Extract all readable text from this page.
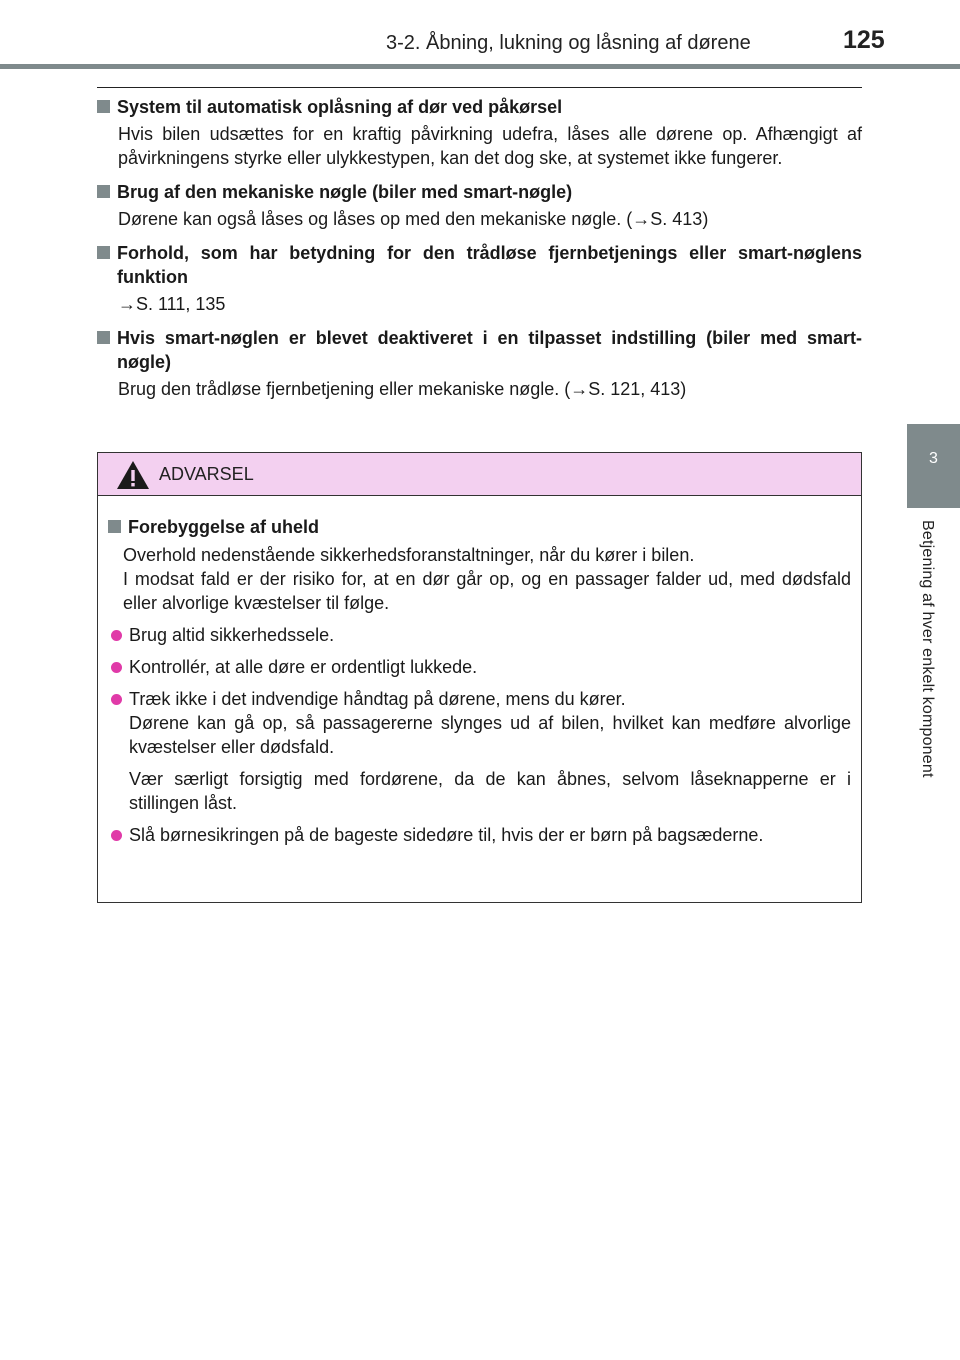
3-2. Åbning, lukning og låsning af dørene	125
3
Betjening af hver enkelt komponent
System til automatisk oplåsning af dør ved påkørsel
Hvis bilen udsættes for en kraftig påvirkning udefra, låses alle dørene op. Afhængigt af påvirkningens styrke eller ulykkestypen, kan det dog ske, at systemet ikke fungerer.
Brug af den mekaniske nøgle (biler med smart-nøgle)
Dørene kan også låses og låses op med den mekaniske nøgle. (→S. 413)
Forhold, som har betydning for den trådløse fjernbetjenings eller smart-nøglens funktion
→S. 111, 135
Hvis smart-nøglen er blevet deaktiveret i en tilpasset indstilling (biler med smart-nøgle)
Brug den trådløse fjernbetjening eller mekaniske nøgle. (→S. 121, 413)
ADVARSEL
Forebyggelse af uheld
Overhold nedenstående sikkerhedsforanstaltninger, når du kører i bilen.
I modsat fald er der risiko for, at en dør går op, og en passager falder ud, med dødsfald eller alvorlige kvæstelser til følge.
Brug altid sikkerhedssele.
Kontrollér, at alle døre er ordentligt lukkede.
Træk ikke i det indvendige håndtag på dørene, mens du kører.
Dørene kan gå op, så passagererne slynges ud af bilen, hvilket kan medføre alvorlige kvæstelser eller dødsfald.
Vær særligt forsigtig med fordørene, da de kan åbnes, selvom låseknapperne er i stillingen låst.
Slå børnesikringen på de bageste sidedøre til, hvis der er børn på bagsæderne.
